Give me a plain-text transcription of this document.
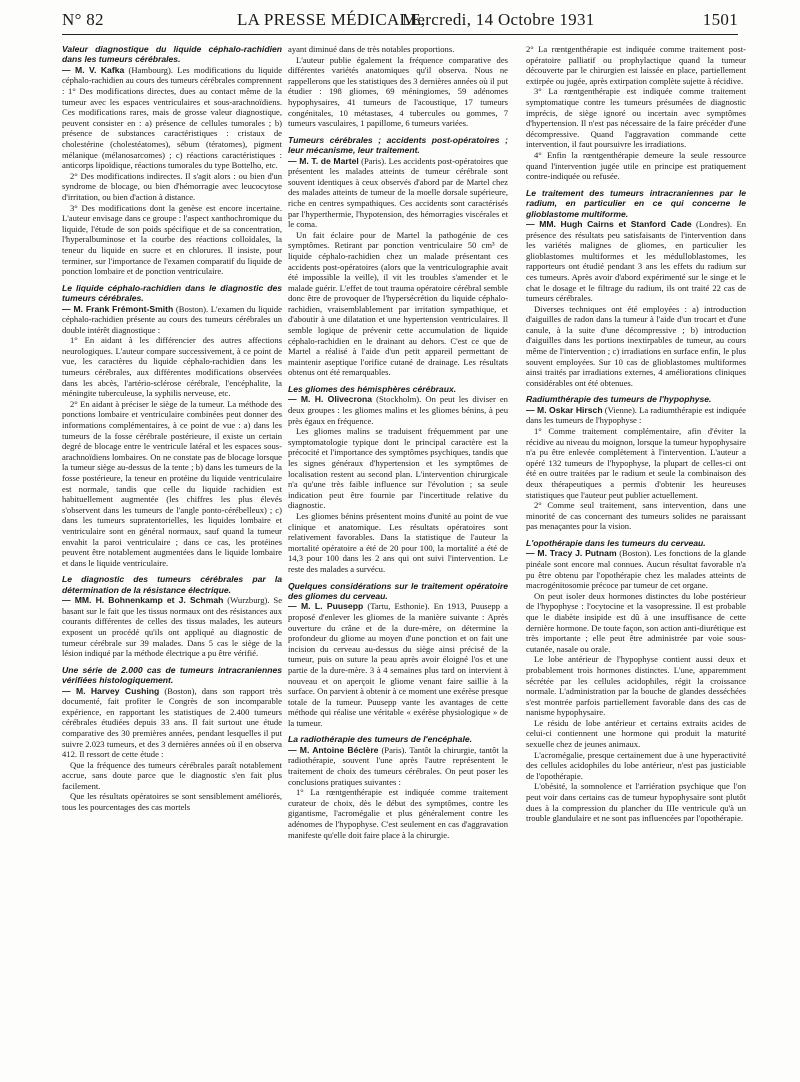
N° 82	LA PRESSE MÉDICALE,
Mercredi, 14 Octobre 1931	1501
Valeur diagnostique du liquide céphalo-rachidien dans les tumeurs cérébrales.

— M. V. Kafka (Hambourg). Les modifications du liquide céphalo-rachidien au cours des tumeurs cérébrales comprennent : 1° Des modifications directes, dues au contact même de la tumeur avec les espaces ventriculaires et sous-arachnoïdiens. Ces modifications rares, mais de grosse valeur diagnostique, peuvent consister en : a) présence de cellules tumorales ; b) présence de substances caractéristiques : cristaux de cholestérine (cholestéatomes), sébum (tératomes), pigment mélanique (mélanosarcomes) ; c) réactions caractéristiques : anticorps lipoïdique, réactions tumorales du type Bottelho, etc.

2° Des modifications indirectes. Il s'agit alors : ou bien d'un syndrome de blocage, ou bien d'hémorragie avec leucocytose d'irritation, ou bien d'action à distance.

3° Des modifications dont la genèse est encore incertaine. L'auteur envisage dans ce groupe : l'aspect xanthochromique du liquide, l'étude de son poids spécifique et de sa concentration, l'hyperalbuminose et la courbe des réactions colloïdales, la teneur du liquide en sucre et en chlorures. Il insiste, pour terminer, sur l'importance de l'examen comparatif du liquide de ponction lombaire et de ponction ventriculaire.

Le liquide céphalo-rachidien dans le diagnostic des tumeurs cérébrales.

— M. Frank Frémont-Smith (Boston). L'examen du liquide céphalo-rachidien présente au cours des tumeurs cérébrales un double intérêt diagnostique :

1° En aidant à les différencier des autres affections neurologiques. L'auteur compare successivement, à ce point de vue, les caractères du liquide céphalo-rachidien dans les tumeurs cérébrales, aux différentes modifications observées dans les abcès, l'artério-sclérose cérébrale, l'encéphalite, la méningite tuberculeuse, la syphilis nerveuse, etc.

2° En aidant à préciser le siège de la tumeur. La méthode des ponctions lombaire et ventriculaire combinées peut donner des informations complémentaires, à ce point de vue : a) dans les tumeurs de la fosse cérébrale postérieure, il existe un certain degré de blocage entre le ventricule latéral et les espaces sous-arachnoïdiens lombaires. On ne constate pas de blocage lorsque la tumeur siège au-dessus de la tente ; b) dans les tumeurs de la fosse postérieure, la teneur en protéine du liquide ventriculaire est normale, tandis que celle du liquide rachidien est habituellement augmentée (les chiffres les plus élevés s'observent dans les tumeurs de l'angle ponto-cérébelleux) ; c) dans les tumeurs supratentorielles, les liquides lombaire et ventriculaire sont en général normaux, sauf quand la tumeur envahit la paroi ventriculaire ; dans ce cas, les protéines peuvent être notablement augmentées dans le liquide lombaire et dans le liquide ventriculaire.

Le diagnostic des tumeurs cérébrales par la détermination de la résistance électrique.

— MM. H. Bohnenkamp et J. Schmah (Wurzburg). Se basant sur le fait que les tissus normaux ont des résistances aux courants différentes de celles des tissus malades, les auteurs exposent un procédé qu'ils ont appliqué au diagnostic de tumeur cérébrale sur 39 malades. Dans 5 cas le siège de la lésion indiqué par la méthode électrique a pu être vérifié.

Une série de 2.000 cas de tumeurs intracraniennes vérifiées histologiquement.

— M. Harvey Cushing (Boston), dans son rapport très documenté, fait profiter le Congrès de son incomparable expérience, en rapportant les statistiques de 2.400 tumeurs cérébrales étudiées depuis 33 ans. Il fait surtout une étude comparative des 30 premières années, pendant lesquelles il put suivre 2.023 tumeurs, et des 3 dernières années où il en observa 412. Il ressort de cette étude :

Que la fréquence des tumeurs cérébrales paraît notablement accrue, sans doute parce que le diagnostic s'en fait plus facilement.

Que les résultats opératoires se sont sensiblement améliorés, tous les pourcentages des cas mortels

ayant diminué dans de très notables proportions.

L'auteur publie également la fréquence comparative des différentes variétés anatomiques qu'il observa. Nous ne rappellerons que les statistiques des 3 dernières années où il put étudier : 198 gliomes, 69 méningiomes, 59 adénomes hypophysaires, 41 tumeurs de l'acoustique, 17 tumeurs congénitales, 10 métastases, 4 tubercules ou gommes, 7 tumeurs vasculaires, 1 papillome, 6 tumeurs variées.

Tumeurs cérébrales ; accidents post-opératoires ; leur mécanisme, leur traitement.

— M. T. de Martel (Paris). Les accidents post-opératoires que présentent les malades atteints de tumeur cérébrale sont souvent identiques à ceux observés d'abord par de Martel chez des malades atteints de tumeur de la moelle dorsale supérieure, riche en centres sympathiques. Ces accidents sont caractérisés par l'hyperthermie, l'hypotension, des hémorragies viscérales et le coma.

Un fait éclaire pour de Martel la pathogénie de ces symptômes. Retirant par ponction ventriculaire 50 cm³ de liquide céphalo-rachidien chez un malade présentant ces accidents post-opératoires (alors que la ventriculographie avait été impossible la veille), il vit les troubles s'amender et le malade guérir. L'effet de tout trauma opératoire cérébral semble donc être de provoquer de l'hypersécrétion du liquide céphalo-rachidien, vraisemblablement par irritation sympathique, et d'aboutir à une dilatation et une hypertension ventriculaires. Il semble logique de prévenir cette accumulation de liquide céphalo-rachidien en le drainant au dehors. C'est ce que de Martel a réalisé à l'aide d'un petit appareil permettant de maintenir aseptique l'orifice cutané de drainage. Les résultats obtenus ont été remarquables.

Les gliomes des hémisphères cérébraux.

— M. H. Olivecrona (Stockholm). On peut les diviser en deux groupes : les gliomes malins et les gliomes bénins, à peu près égaux en fréquence.

Les gliomes malins se traduisent fréquemment par une symptomatologie typique dont le principal caractère est la précocité et l'importance des symptômes psychiques, tandis que les signes généraux d'hypertension et les symptômes de localisation restent au second plan. L'intervention chirurgicale n'a qu'une très faible influence sur l'évolution ; sa seule indication peut être fournie par l'incertitude relative du diagnostic.

Les gliomes bénins présentent moins d'unité au point de vue clinique et anatomique. Les résultats opératoires sont relativement favorables. Dans la statistique de l'auteur la mortalité opératoire a été de 20 pour 100, la mortalité a été de 14,3 pour 100 dans les 2 ans qui ont suivi l'intervention. Le reste des malades a survécu.

Quelques considérations sur le traitement opératoire des gliomes du cerveau.

— M. L. Puusepp (Tartu, Esthonie). En 1913, Puusepp a proposé d'enlever les gliomes de la manière suivante : Après ouverture du crâne et de la dure-mère, on détermine la profondeur du gliome au moyen d'une ponction et on fait une incision du cerveau au-dessus du siège ainsi précisé de la tumeur, puis on suture la peau après avoir éloigné l'os et une partie de la dure-mère. 3 à 4 semaines plus tard on intervient à nouveau et on aperçoit le gliome venant faire saillie à la surface. On parvient à obtenir à ce moment une exérèse presque totale de la tumeur. Puusepp vante les avantages de cette méthode qui réalise une véritable « exérèse physiologique » de la tumeur.

La radiothérapie des tumeurs de l'encéphale.

— M. Antoine Béclère (Paris). Tantôt la chirurgie, tantôt la radiothérapie, souvent l'une après l'autre représentent le traitement de choix des tumeurs cérébrales. On peut poser les conclusions pratiques suivantes :

1° La rœntgenthérapie est indiquée comme traitement curateur de choix, dès le début des symptômes, contre les gigantisme, l'acromégalie et plus généralement contre les adénomes de l'hypophyse. C'est seulement en cas d'aggravation manifeste qu'elle doit faire place à la chirurgie.

2° La rœntgenthérapie est indiquée comme traitement post-opératoire palliatif ou prophylactique quand la tumeur découverte par le chirurgien est laissée en place, partiellement extirpée ou jugée, après extirpation complète sujette à récidive.

3° La rœntgenthérapie est indiquée comme traitement symptomatique contre les tumeurs présumées de diagnostic imprécis, de siège ignoré ou incertain avec symptômes d'hypertension. Il n'est pas nécessaire de la faire précéder d'une décompressive. Quand l'aggravation commande cette intervention, il faut poursuivre les irradiations.

4° Enfin la rœntgenthérapie demeure la seule ressource quand l'intervention jugée utile en principe est pratiquement contre-indiquée ou refusée.

Le traitement des tumeurs intracraniennes par le radium, en particulier en ce qui concerne le glioblastome multiforme.

— MM. Hugh Cairns et Stanford Cade (Londres). En présence des résultats peu satisfaisants de l'intervention dans les variétés malignes de gliomes, en particulier les glioblastomes multiformes et les médulloblastomes, les rapporteurs ont étudié pendant 3 ans les effets du radium sur ces tumeurs. Après avoir d'abord expérimenté sur le singe et le chat le dosage et le filtrage du radium, ils ont traité 22 cas de tumeurs cérébrales.

Diverses techniques ont été employées : a) introduction d'aiguilles de radon dans la tumeur à l'aide d'un trocart et d'une canule, à la suite d'une décompressive ; b) introduction d'aiguilles dans les portions inextirpables de tumeur, au cours même de l'intervention ; c) irradiations en surface enfin, le plus souvent employées. Sur 10 cas de glioblastomes multiformes ainsi traités par irradiations externes, 4 améliorations cliniques considérables ont été obtenues.

Radiumthérapie des tumeurs de l'hypophyse.

— M. Oskar Hirsch (Vienne). La radiumthérapie est indiquée dans les tumeurs de l'hypophyse :

1° Comme traitement complémentaire, afin d'éviter la récidive au niveau du moignon, lorsque la tumeur hypophysaire n'a pu être enlevée complètement à l'intervention. L'auteur a opéré 132 tumeurs de l'hypophyse, la plupart de celles-ci ont été en outre traitées par le radium et seule la combinaison des deux thérapeutiques a permis d'obtenir les heureuses statistiques que l'auteur peut publier actuellement.

2° Comme seul traitement, sans intervention, dans une minorité de cas concernant des tumeurs solides ne paraissant pas menaçantes pour la vision.

L'opothérapie dans les tumeurs du cerveau.

— M. Tracy J. Putnam (Boston). Les fonctions de la glande pinéale sont encore mal connues. Aucun résultat favorable n'a pu être obtenu par l'opothérapie chez les malades atteints de macrogénitosomie précoce par tumeur de cet organe.

On peut isoler deux hormones distinctes du lobe postérieur de l'hypophyse : l'ocytocine et la vasopressine. Il est probable que le diabète insipide est dû à une insuffisance de cette dernière hormone. De toute façon, son action anti-diurétique est très importante ; elle peut être administrée par voie sous-cutanée, nasale ou orale.

Le lobe antérieur de l'hypophyse contient aussi deux et probablement trois hormones distinctes. L'une, apparemment sécrétée par les cellules acidophiles, régit la croissance normale. L'administration par la bouche de glandes desséchées s'est montrée parfois partiellement favorable dans des cas de nanisme hypophysaire.

Le résidu de lobe antérieur et certains extraits acides de celui-ci contiennent une hormone qui produit la maturité sexuelle chez de jeunes animaux.

L'acromégalie, presque certainement due à une hyperactivité des cellules acidophiles du lobe antérieur, n'est pas justiciable de l'opothérapie.

L'obésité, la somnolence et l'arriération psychique que l'on peut voir dans certains cas de tumeur hypophysaire sont plutôt dues à la compression du plancher du IIIe ventricule qu'à un trouble glandulaire et ne sont pas influencées par l'opothérapie.
